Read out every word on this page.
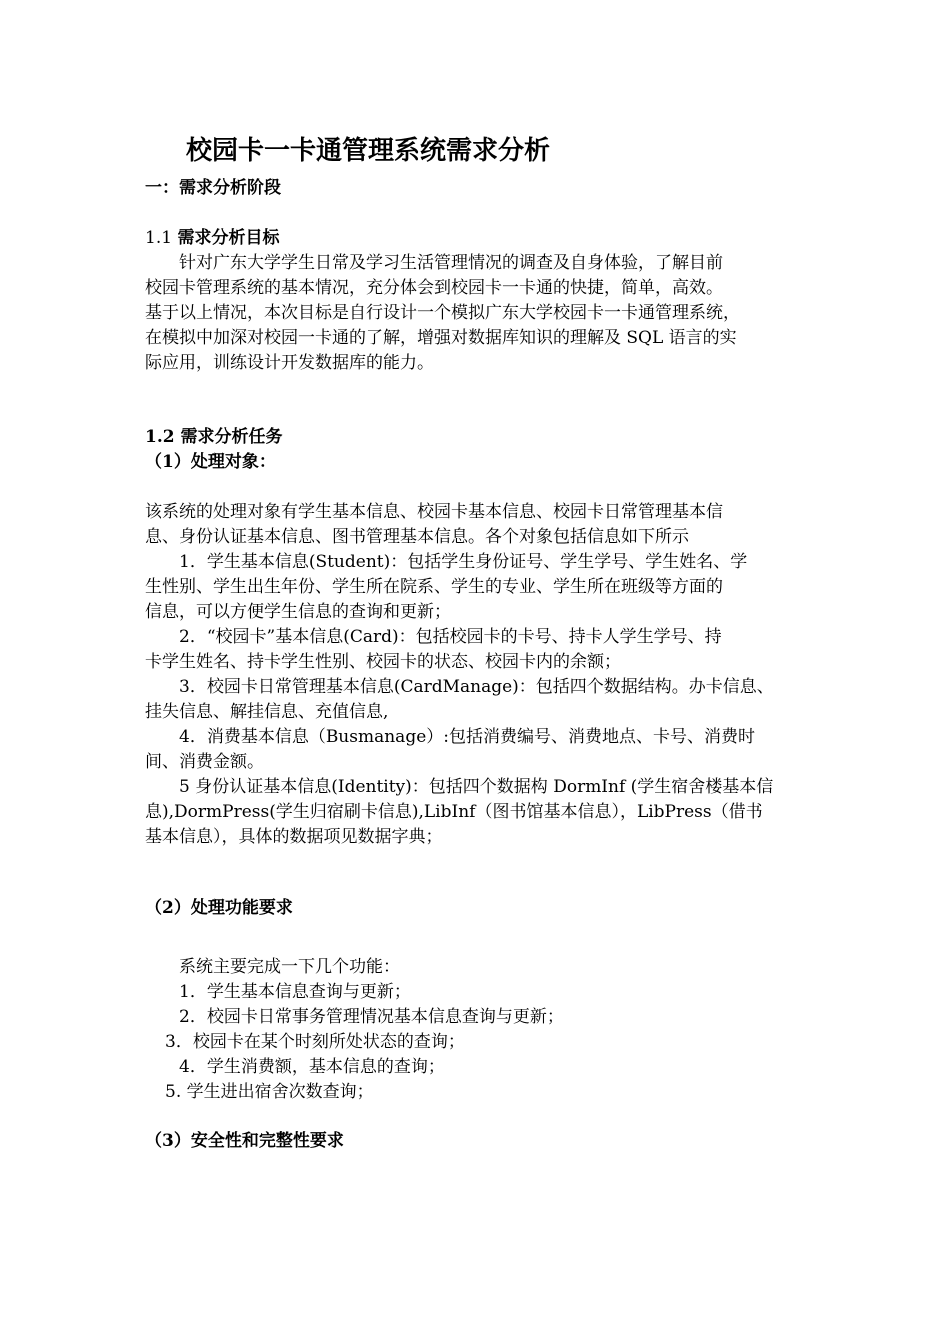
校园卡一卡通管理系统需求分析
一：需求分析阶段
1.1 需求分析目标
针对广东大学学生日常及学习生活管理情况的调查及自身体验，了解目前
校园卡管理系统的基本情况，充分体会到校园卡一卡通的快捷，简单，高效。
基于以上情况，本次目标是自行设计一个模拟广东大学校园卡一卡通管理系统，
在模拟中加深对校园一卡通的了解，增强对数据库知识的理解及 SQL 语言的实
际应用，训练设计开发数据库的能力。
1.2 需求分析任务
（1）处理对象：
该系统的处理对象有学生基本信息、校园卡基本信息、校园卡日常管理基本信
息、身份认证基本信息、图书管理基本信息。各个对象包括信息如下所示
1．学生基本信息(Student)：包括学生身份证号、学生学号、学生姓名、学
生性别、学生出生年份、学生所在院系、学生的专业、学生所在班级等方面的
信息，可以方便学生信息的查询和更新；
2．“校园卡”基本信息(Card)：包括校园卡的卡号、持卡人学生学号、持
卡学生姓名、持卡学生性别、校园卡的状态、校园卡内的余额；
3．校园卡日常管理基本信息(CardManage)：包括四个数据结构。办卡信息、
挂失信息、解挂信息、充值信息,
4．消费基本信息（Busmanage）:包括消费编号、消费地点、卡号、消费时
间、消费金额。
5 身份认证基本信息(Identity)：包括四个数据构 DormInf (学生宿舍楼基本信
息),DormPress(学生归宿刷卡信息),LibInf（图书馆基本信息），LibPress（借书
基本信息），具体的数据项见数据字典；
（2）处理功能要求
系统主要完成一下几个功能：
1．学生基本信息查询与更新；
2．校园卡日常事务管理情况基本信息查询与更新；
3．校园卡在某个时刻所处状态的查询；
4．学生消费额，基本信息的查询；
5. 学生进出宿舍次数查询；
（3）安全性和完整性要求
